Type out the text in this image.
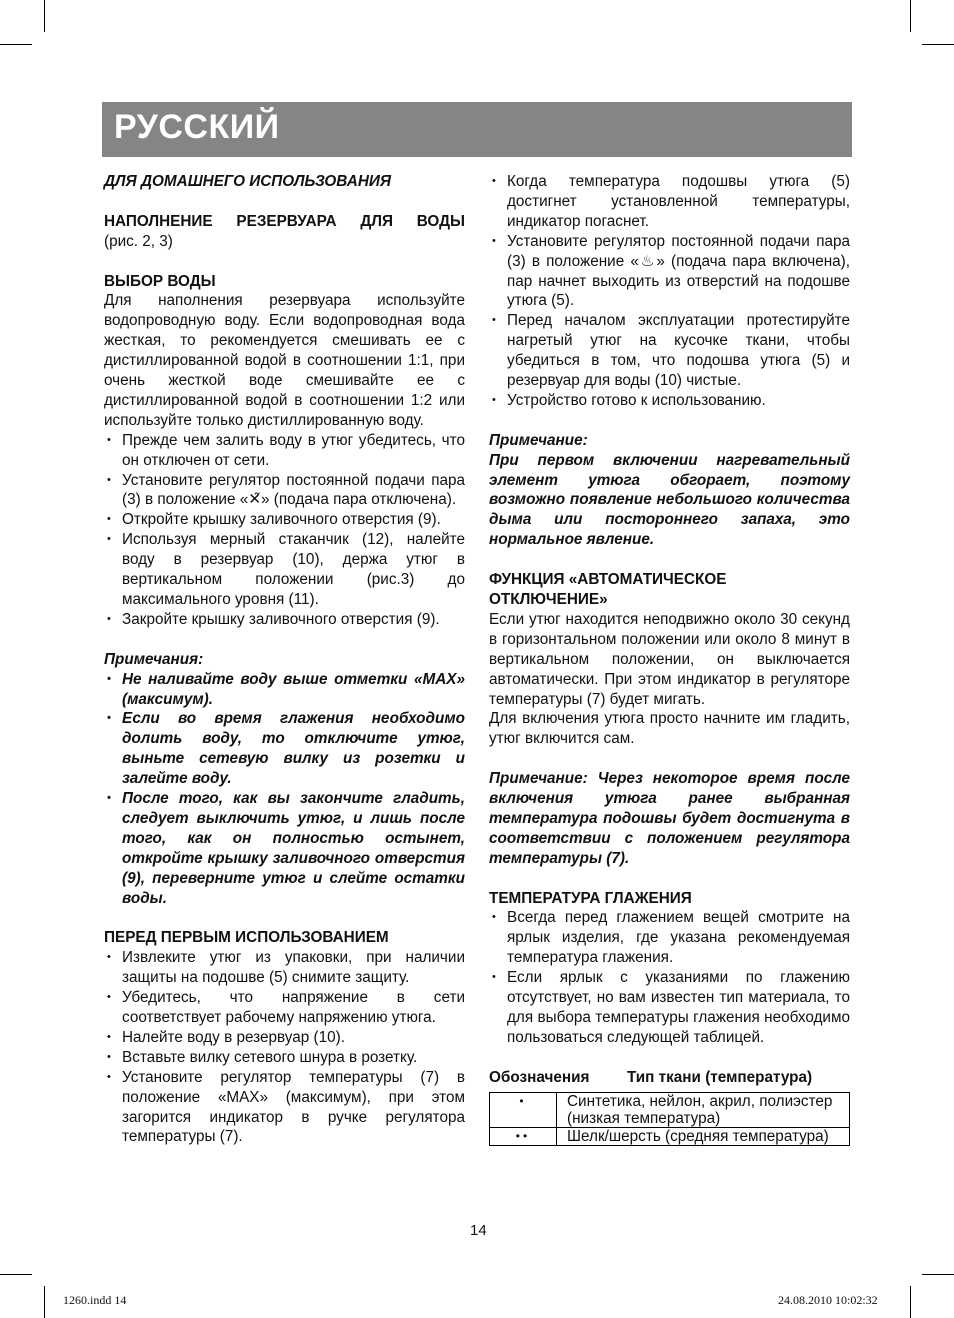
РУССКИЙ

ДЛЯ ДОМАШНЕГО ИСПОЛЬЗОВАНИЯ

НАПОЛНЕНИЕ РЕЗЕРВУАРА ДЛЯ ВОДЫ

(рис. 2, 3)

ВЫБОР ВОДЫ

Для наполнения резервуара используйте водопроводную воду. Если водопроводная вода жесткая, то рекомендуется смешивать ее с дистиллированной водой в соотношении 1:1, при очень жесткой воде смешивайте ее с дистиллированной водой в соотношении 1:2 или используйте только дистиллированную воду.

• Прежде чем залить воду в утюг убедитесь, что он отключен от сети.
• Установите регулятор постоянной подачи пара (3) в положение «✕̃» (подача пара отключена).
• Откройте крышку заливочного отверстия (9).
• Используя мерный стаканчик (12), налейте воду в резервуар (10), держа утюг в вертикальном положении (рис.3) до максимального уровня (11).
• Закройте крышку заливочного отверстия (9).

Примечания:

• Не наливайте воду выше отметки «MAX» (максимум).
• Если во время глажения необходимо долить воду, то отключите утюг, выньте сетевую вилку из розетки и залейте воду.
• После того, как вы закончите гладить, следует выключить утюг, и лишь после того, как он полностью остынет, откройте крышку заливочного отверстия (9), переверните утюг и слейте остатки воды.

ПЕРЕД ПЕРВЫМ ИСПОЛЬЗОВАНИЕМ

• Извлеките утюг из упаковки, при наличии защиты на подошве (5) снимите защиту.
• Убедитесь, что напряжение в сети соответствует рабочему напряжению утюга.
• Налейте воду в резервуар (10).
• Вставьте вилку сетевого шнура в розетку.
• Установите регулятор температуры (7) в положение «MAX» (максимум), при этом загорится индикатор в ручке регулятора температуры (7).
• Когда температура подошвы утюга (5) достигнет установленной температуры, индикатор погаснет.
• Установите регулятор постоянной подачи пара (3) в положение «♨» (подача пара включена), пар начнет выходить из отверстий на подошве утюга (5).
• Перед началом эксплуатации протестируйте нагретый утюг на кусочке ткани, чтобы убедиться в том, что подошва утюга (5) и резервуар для воды (10) чистые.
• Устройство готово к использованию.

Примечание:

При первом включении нагревательный элемент утюга обгорает, поэтому возможно появление небольшого количества дыма или постороннего запаха, это нормальное явление.

ФУНКЦИЯ «АВТОМАТИЧЕСКОЕ

ОТКЛЮЧЕНИЕ»

Если утюг находится неподвижно около 30 секунд в горизонтальном положении или около 8 минут в вертикальном положении, он выключается автоматически. При этом индикатор в регуляторе температуры (7) будет мигать.

Для включения утюга просто начните им гладить, утюг включится сам.

Примечание: Через некоторое время после включения утюга ранее выбранная температура подошвы будет достигнута в соответствии с положением регулятора температуры (7).

ТЕМПЕРАТУРА ГЛАЖЕНИЯ

• Всегда перед глажением вещей смотрите на ярлык изделия, где указана рекомендуемая температура глажения.
• Если ярлык с указаниями по глажению отсутствует, но вам известен тип материала, то для выбора температуры глажения необходимо пользоваться следующей таблицей.
Обозначения	Тип ткани (температура)
•	Синтетика, нейлон, акрил, полиэстер (низкая температура)
••	Шелк/шерсть (средняя температура)
14
1260.indd 14	24.08.2010 10:02:32
